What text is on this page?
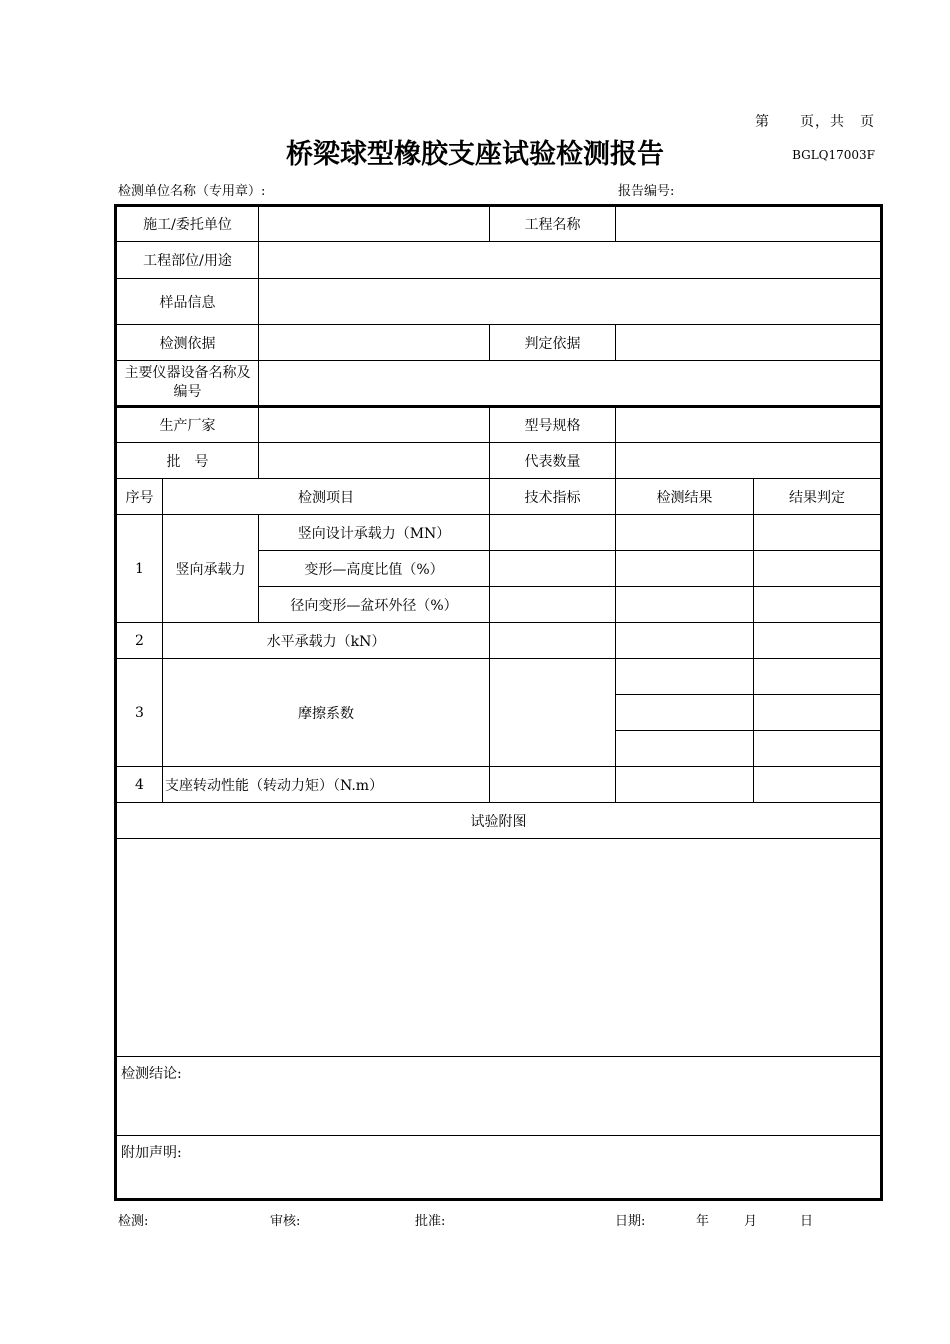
第　　页，共　页
桥梁球型橡胶支座试验检测报告	BGLQ17003F
检测单位名称（专用章）:	报告编号:
施工/委托单位			工程名称		
工程部位/用途					
样品信息					
检测依据			判定依据		
主要仪器设备名称及编号					
生产厂家			型号规格		
批　号			代表数量		
序号	检测项目		技术指标	检测结果	结果判定
1	竖向承载力	竖向设计承载力（MN）			
		变形—高度比值（%）			
		径向变形—盆环外径（%）			
2	水平承载力（kN）				
3	摩擦系数				

4	支座转动性能（转动力矩）（N.m）				
试验附图					

检测结论:					
附加声明:					
检测:	审核:	批准:	日期:	年	月	日
